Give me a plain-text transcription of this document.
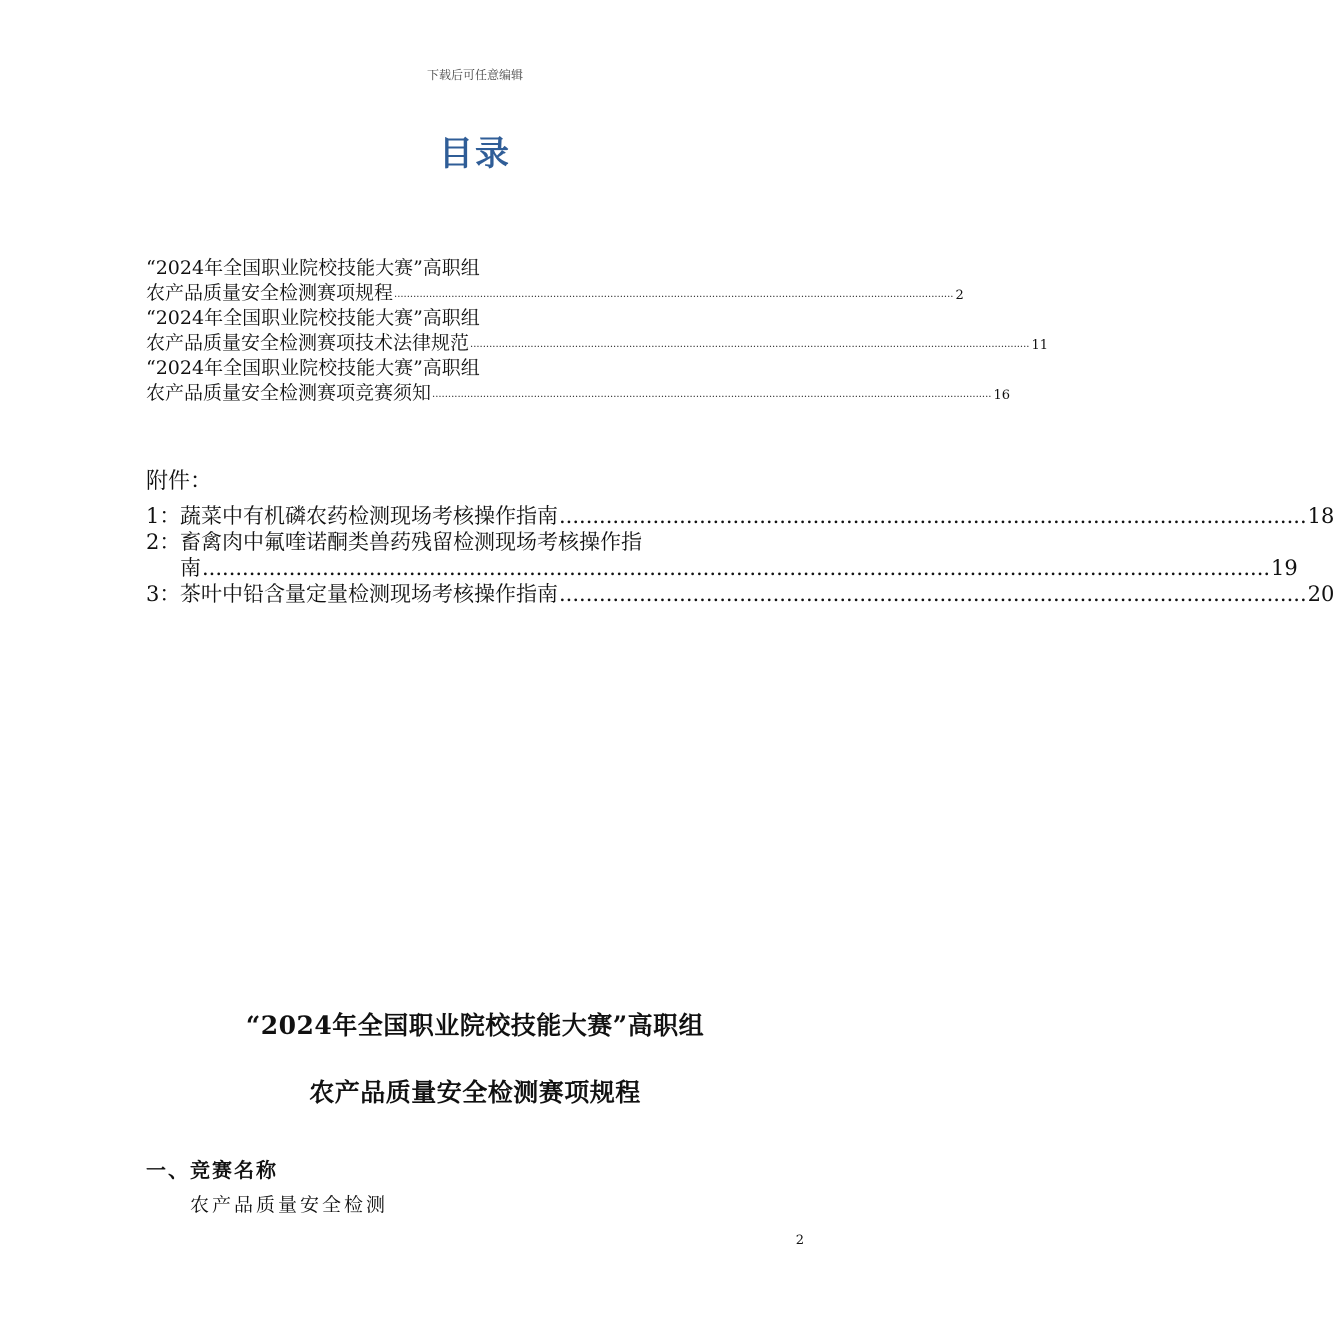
下载后可任意编辑
目录
“2024年全国职业院校技能大赛”高职组
农产品质量安全检测赛项规程 ................................................................................................................................................................................ 2
“2024年全国职业院校技能大赛”高职组
农产品质量安全检测赛项技术法律规范 ................................................................................................................................................................................ 11
“2024年全国职业院校技能大赛”高职组
农产品质量安全检测赛项竞赛须知 ................................................................................................................................................................................ 16
附件：
1： 蔬菜中有机磷农药检测现场考核操作指南 ................................................................................................................ 18
2： 畜禽肉中氟喹诺酮类兽药残留检测现场考核操作指
南 ................................................................................................................................................................ 19
3： 茶叶中铅含量定量检测现场考核操作指南 ................................................................................................................ 20
“2024年全国职业院校技能大赛”高职组
农产品质量安全检测赛项规程
一、竞赛名称
农产品质量安全检测
2
